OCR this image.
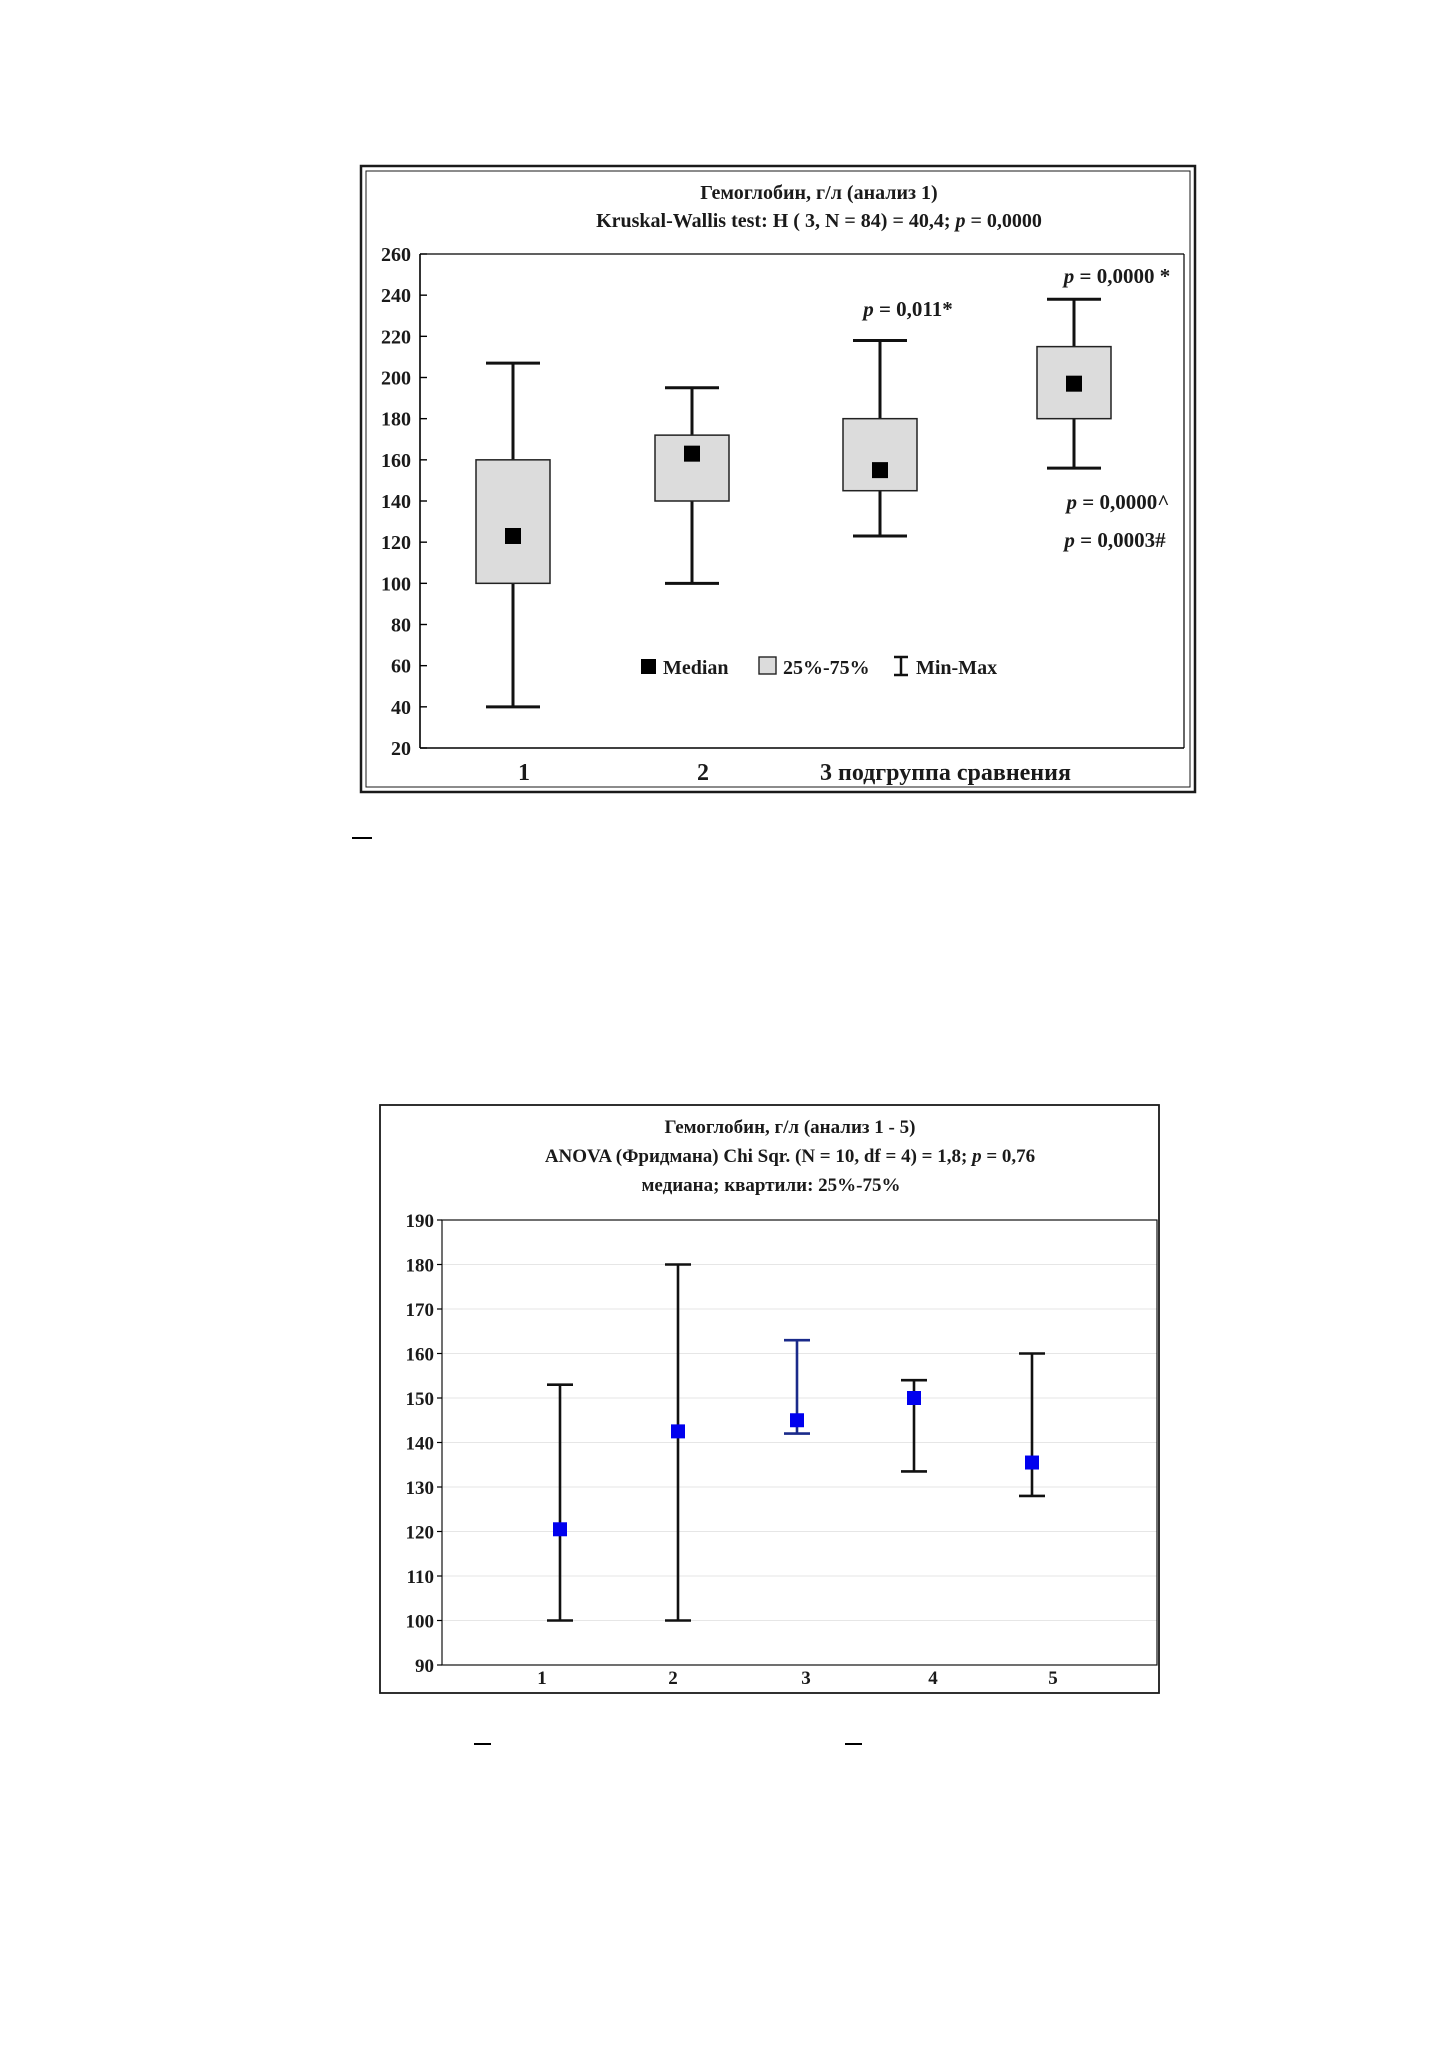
Гемоглобин, г/л (анализ 1)
Kruskal-Wallis test: H ( 3, N = 84) = 40,4; p = 0,0000
260
240
220
200
180
160
140
120
100
80
60
40
20
1	2	3 подгруппа сравнения
p = 0,011*
p = 0,0000 *
p = 0,0000^
p = 0,0003#
Median	25%-75% Min-Max
Гемоглобин, г/л (анализ 1 - 5)
ANOVA (Фридмана) Chi Sqr. (N = 10, df = 4) = 1,8; p = 0,76
медиана; квартили: 25%-75%
190
180
170
160
150
140
130
120
110
100
90
1	2	3	4	5
